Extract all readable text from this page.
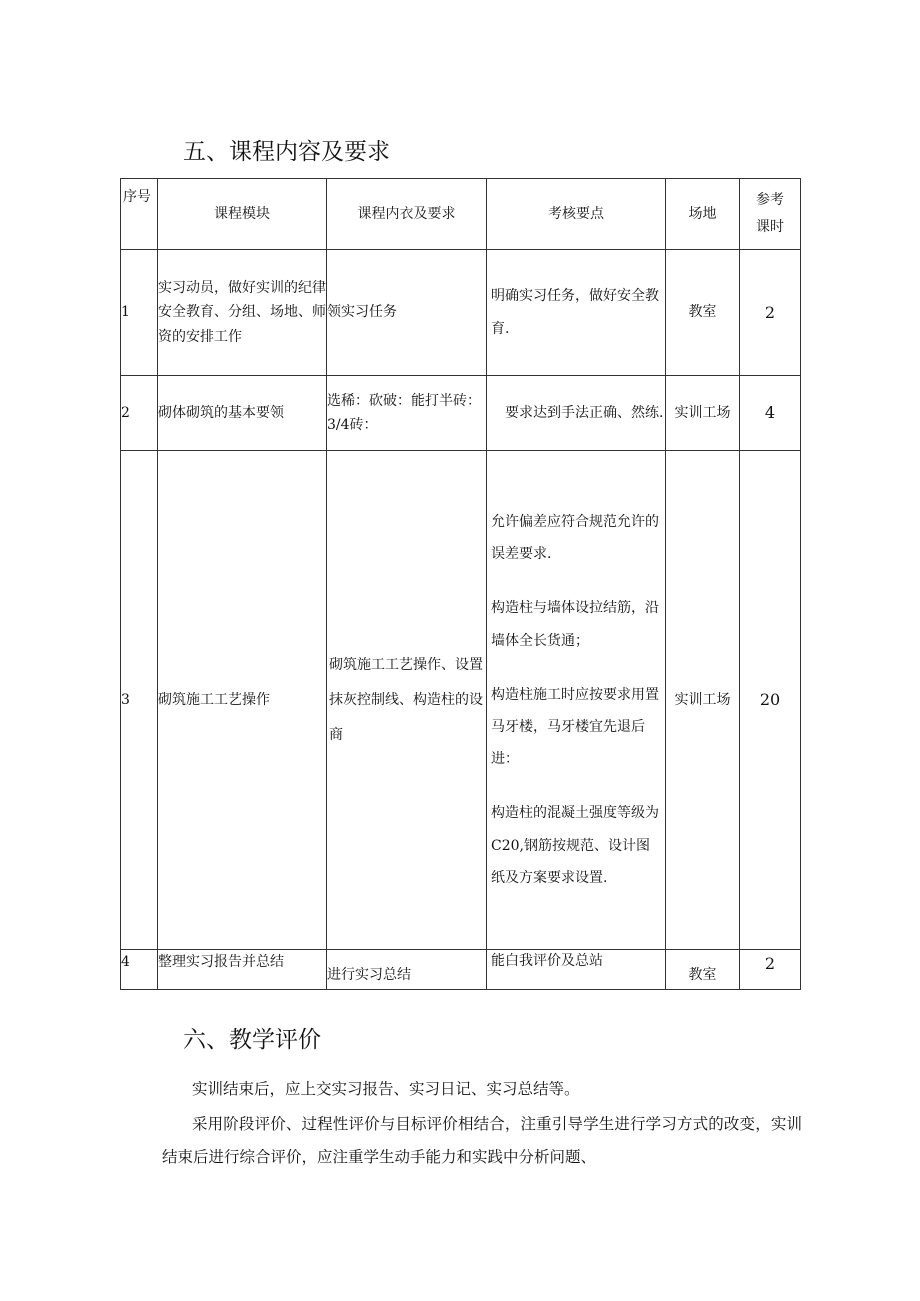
五、课程内容及要求
序号	课程模块	课程内衣及要求	考核要点	场地	参考
课时

1	实习动员，做好实训的纪律安全教育、分组、场地、师资的安排工作	领实习任务	明确实习任务，做好安全教育.	教室	2
2	砌体砌筑的基本要领	选稀：砍破：能打半砖：3/4砖：	要求达到手法正确、然练.	实训工场	4
3	砌筑施工工艺操作	砌筑施工工艺操作、设置抹灰控制线、构造柱的设商	允许偏差应符合规范允许的误差要求.

构造柱与墙体设拉结筋，沿墙体全长货通；

构造柱施工时应按要求用置马牙楼，马牙楼宜先退后进：

构造柱的混凝土强度等级为C20,钢筋按规范、设计图纸及方案要求设置.	实训工场	20
4	整理实习报告并总结	进行实习总结	能白我评价及总站	教室	2
六、教学评价

实训结束后，应上交实习报告、实习日记、实习总结等。

采用阶段评价、过程性评价与目标评价相结合，注重引导学生进行学习方式的改变，实训结束后进行综合评价，应注重学生动手能力和实践中分析问题、
